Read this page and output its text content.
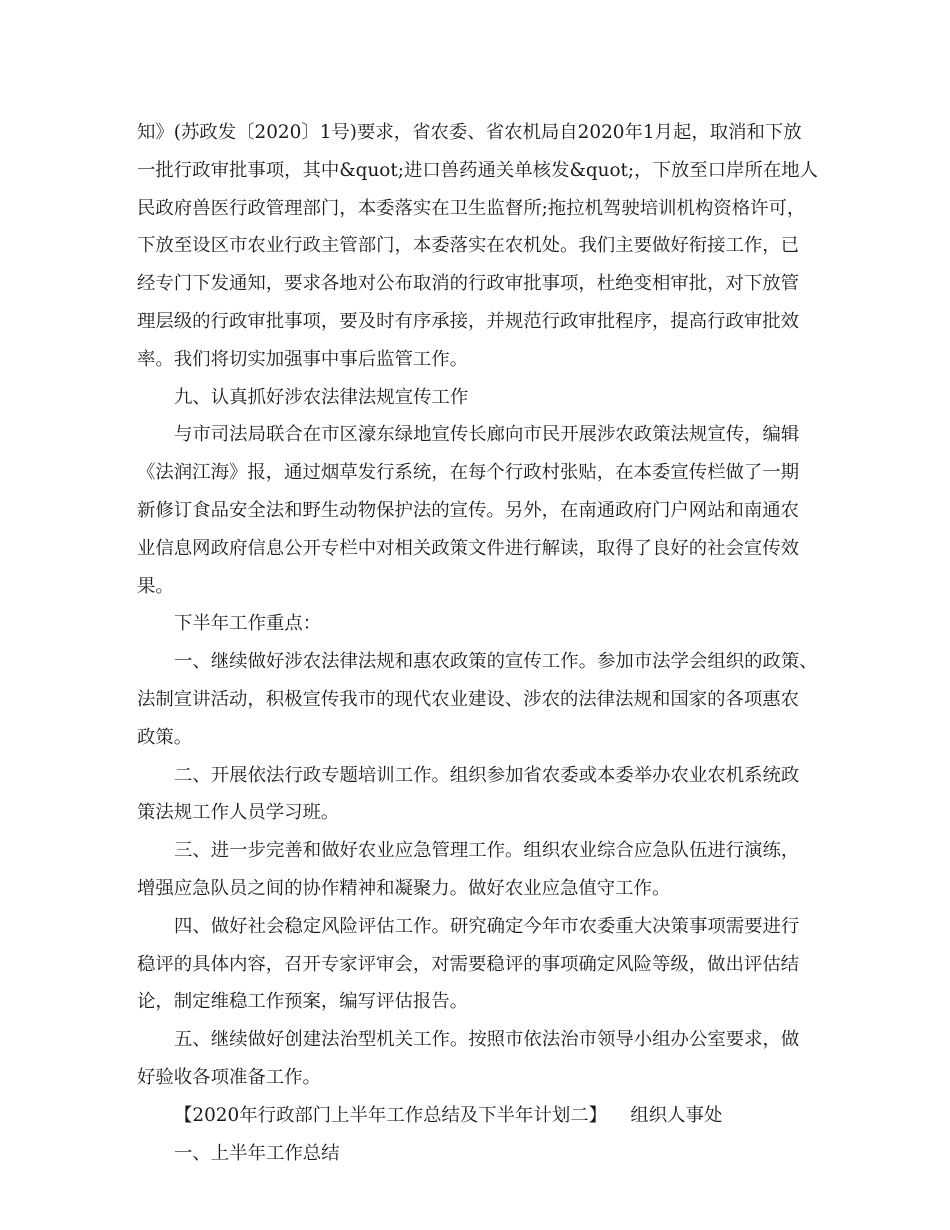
知》(苏政发〔2020〕1号)要求，省农委、省农机局自2020年1月起，取消和下放
一批行政审批事项，其中&quot;进口兽药通关单核发&quot;，下放至口岸所在地人
民政府兽医行政管理部门，本委落实在卫生监督所;拖拉机驾驶培训机构资格许可，
下放至设区市农业行政主管部门，本委落实在农机处。我们主要做好衔接工作，已
经专门下发通知，要求各地对公布取消的行政审批事项，杜绝变相审批，对下放管
理层级的行政审批事项，要及时有序承接，并规范行政审批程序，提高行政审批效
率。我们将切实加强事中事后监管工作。
九、认真抓好涉农法律法规宣传工作
与市司法局联合在市区濠东绿地宣传长廊向市民开展涉农政策法规宣传，编辑
《法润江海》报，通过烟草发行系统，在每个行政村张贴，在本委宣传栏做了一期
新修订食品安全法和野生动物保护法的宣传。另外，在南通政府门户网站和南通农
业信息网政府信息公开专栏中对相关政策文件进行解读，取得了良好的社会宣传效
果。
下半年工作重点：
一、继续做好涉农法律法规和惠农政策的宣传工作。参加市法学会组织的政策、
法制宣讲活动，积极宣传我市的现代农业建设、涉农的法律法规和国家的各项惠农
政策。
二、开展依法行政专题培训工作。组织参加省农委或本委举办农业农机系统政
策法规工作人员学习班。
三、进一步完善和做好农业应急管理工作。组织农业综合应急队伍进行演练，
增强应急队员之间的协作精神和凝聚力。做好农业应急值守工作。
四、做好社会稳定风险评估工作。研究确定今年市农委重大决策事项需要进行
稳评的具体内容，召开专家评审会，对需要稳评的事项确定风险等级，做出评估结
论，制定维稳工作预案，编写评估报告。
五、继续做好创建法治型机关工作。按照市依法治市领导小组办公室要求，做
好验收各项准备工作。
【2020年行政部门上半年工作总结及下半年计划二】    组织人事处
一、上半年工作总结
